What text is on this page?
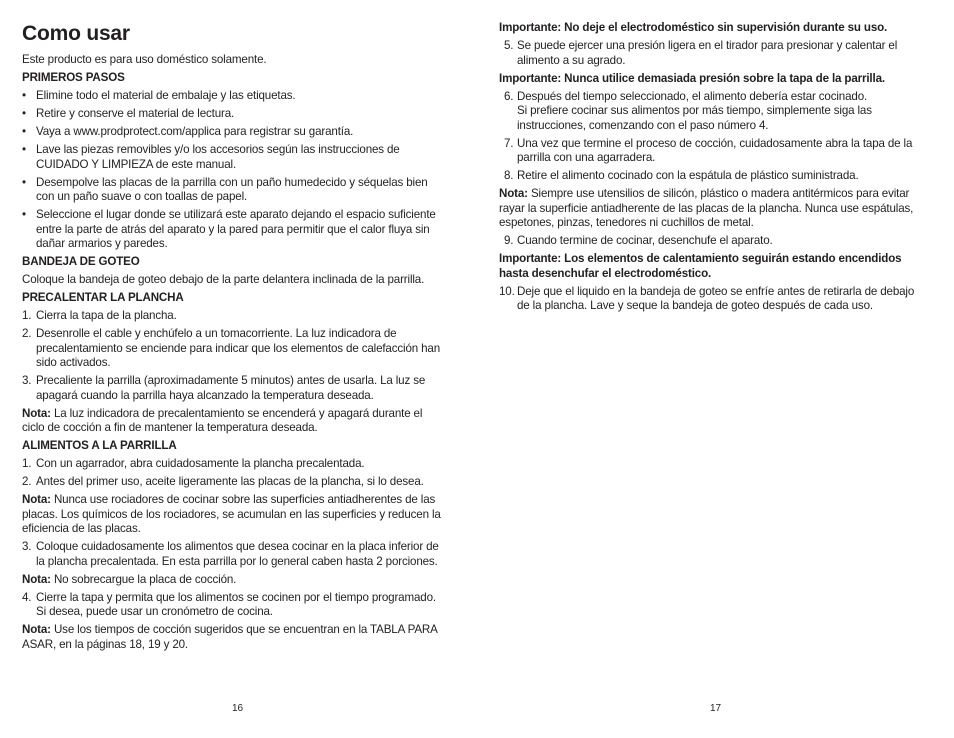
Como usar
Este producto es para uso doméstico solamente.
PRIMEROS PASOS
• Elimine todo el material de embalaje y las etiquetas.
• Retire y conserve el material de lectura.
• Vaya a www.prodprotect.com/applica para registrar su garantía.
• Lave las piezas removibles y/o los accesorios según las instrucciones de CUIDADO Y LIMPIEZA de este manual.
• Desempolve las placas de la parrilla con un paño humedecido y séquelas bien con un paño suave o con toallas de papel.
• Seleccione el lugar donde se utilizará este aparato dejando el espacio suficiente entre la parte de atrás del aparato y la pared para permitir que el calor fluya sin dañar armarios y paredes.
BANDEJA DE GOTEO
Coloque la bandeja de goteo debajo de la parte delantera inclinada de la parrilla.
PRECALENTAR LA PLANCHA
1. Cierra la tapa de la plancha.
2. Desenrolle el cable y enchúfelo a un tomacorriente. La luz indicadora de precalentamiento se enciende para indicar que los elementos de calefacción han sido activados.
3. Precaliente la parrilla (aproximadamente 5 minutos) antes de usarla. La luz se apagará cuando la parrilla haya alcanzado la temperatura deseada.
Nota: La luz indicadora de precalentamiento se encenderá y apagará durante el ciclo de cocción a fin de mantener la temperatura deseada.
ALIMENTOS A LA PARRILLA
1. Con un agarrador, abra cuidadosamente la plancha precalentada.
2. Antes del primer uso, aceite ligeramente las placas de la plancha, si lo desea.
Nota: Nunca use rociadores de cocinar sobre las superficies antiadherentes de las placas. Los químicos de los rociadores, se acumulan en las superficies y reducen la eficiencia de las placas.
3. Coloque cuidadosamente los alimentos que desea cocinar en la placa inferior de la plancha precalentada. En esta parrilla por lo general caben hasta 2 porciones.
Nota: No sobrecargue la placa de cocción.
4. Cierre la tapa y permita que los alimentos se cocinen por el tiempo programado. Si desea, puede usar un cronómetro de cocina.
Nota: Use los tiempos de cocción sugeridos que se encuentran en la TABLA PARA ASAR, en la páginas 18, 19 y 20.
Importante: No deje el electrodoméstico sin supervisión durante su uso.
5. Se puede ejercer una presión ligera en el tirador para presionar y calentar el alimento a su agrado.
Importante: Nunca utilice demasiada presión sobre la tapa de la parrilla.
6. Después del tiempo seleccionado, el alimento debería estar cocinado.
Si prefiere cocinar sus alimentos por más tiempo, simplemente siga las instrucciones, comenzando con el paso número 4.
7. Una vez que termine el proceso de cocción, cuidadosamente abra la tapa de la parrilla con una agarradera.
8. Retire el alimento cocinado con la espátula de plástico suministrada.
Nota: Siempre use utensilios de silicón, plástico o madera antitérmicos para evitar rayar la superficie antiadherente de las placas de la plancha. Nunca use espátulas, espetones, pinzas, tenedores ni cuchillos de metal.
9. Cuando termine de cocinar, desenchufe el aparato.
Importante: Los elementos de calentamiento seguirán estando encendidos hasta desenchufar el electrodoméstico.
10. Deje que el liquido en la bandeja de goteo se enfríe antes de retirarla de debajo de la plancha. Lave y seque la bandeja de goteo después de cada uso.
16	17
